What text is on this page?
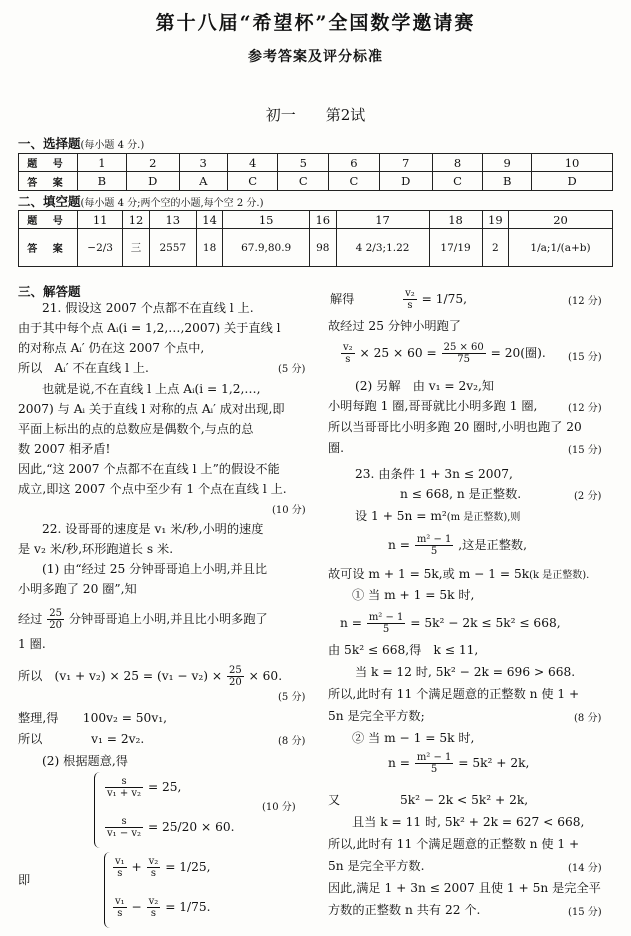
第十八届“希望杯”全国数学邀请赛
参考答案及评分标准
初一　　第2试
一、选择题(每小题 4 分.)
题 号	1	2	3	4	5	6	7	8	9	10
答 案	B	D	A	C	C	C	D	C	B	D
二、填空题(每小题 4 分;两个空的小题,每个空 2 分.)
题 号	11	12	13	14	15	16	17	18	19	20
答 案	−2/3	三	2557	18	67.9,80.9	98	4 2/3;1.22	17/19	2	1/a;1/(a+b)
三、解答题
21. 假设这 2007 个点都不在直线 l 上.
由于其中每个点 Aᵢ(i = 1,2,…,2007) 关于直线 l
的对称点 Aᵢ′ 仍在这 2007 个点中,
所以　Aᵢ′ 不在直线 l 上.	(5 分)
也就是说,不在直线 l 上点 Aᵢ(i = 1,2,…,
2007) 与 Aᵢ 关于直线 l 对称的点 Aᵢ′ 成对出现,即
平面上标出的点的总数应是偶数个,与点的总
数 2007 相矛盾!
因此,“这 2007 个点都不在直线 l 上”的假设不能
成立,即这 2007 个点中至少有 1 个点在直线 l 上.
(10 分)
22. 设哥哥的速度是 v₁ 米/秒,小明的速度
是 v₂ 米/秒,环形跑道长 s 米.
(1) 由“经过 25 分钟哥哥追上小明,并且比
小明多跑了 20 圈”,知
经过 $\frac{25}{20}$ 分钟哥哥追上小明,并且比小明多跑了
1 圈.
所以　$(v_1 + v_2) \times 25 = (v_1 - v_2) \times \frac{25}{20} \times 60$.
(5 分)
整理,得　　100v₂ = 50v₁,
所以　　　　v₁ = 2v₂.	(8 分)
(2) 根据题意,得
$\frac{s}{\text{v₁ + v₂}} = 25$,
$\frac{s}{\text{v₁ − v₂}} = 25/20 \times 60$.
(10 分)
即
$\frac{\text{v₁}}{s} + \frac{\text{v₂}}{s} = 1/25$,
$\frac{\text{v₁}}{s} - \frac{\text{v₂}}{s} = 1/75$.
解得	$\frac{\text{v₂}}{s} = 1/75$,	(12 分)
故经过 25 分钟小明跑了
$\frac{\text{v₂}}{s} \times 25 \times 60 = \frac{25 \times 60}{75} = 20$(圈). (15 分)
(2) 另解　由 v₁ = 2v₂,知
小明每跑 1 圈,哥哥就比小明多跑 1 圈,	(12 分)
所以当哥哥比小明多跑 20 圈时,小明也跑了 20
圈.	(15 分)
23. 由条件 1 + 3n ≤ 2007,
n ≤ 668, n 是正整数.	(2 分)
设 1 + 5n = m²(m 是正整数),则
$n = \frac{\text{m² − 1}}{5}$ ,这是正整数,
故可设 m + 1 = 5k,或 m − 1 = 5k(k 是正整数).
① 当 m + 1 = 5k 时,
$n = \frac{\text{m² − 1}}{5} = 5k^2 - 2k \le 5k^2 \le 668$,
由 5k² ≤ 668,得　k ≤ 11,
当 k = 12 时, 5k² − 2k = 696 > 668.
所以,此时有 11 个满足题意的正整数 n 使 1 +
5n 是完全平方数;	(8 分)
② 当 m − 1 = 5k 时,
$n = \frac{\text{m² − 1}}{5} = 5k^2 + 2k$,
又	5k² − 2k < 5k² + 2k,
且当 k = 11 时, 5k² + 2k = 627 < 668,
所以,此时有 11 个满足题意的正整数 n 使 1 +
5n 是完全平方数.	(14 分)
因此,满足 1 + 3n ≤ 2007 且使 1 + 5n 是完全平
方数的正整数 n 共有 22 个.	(15 分)
